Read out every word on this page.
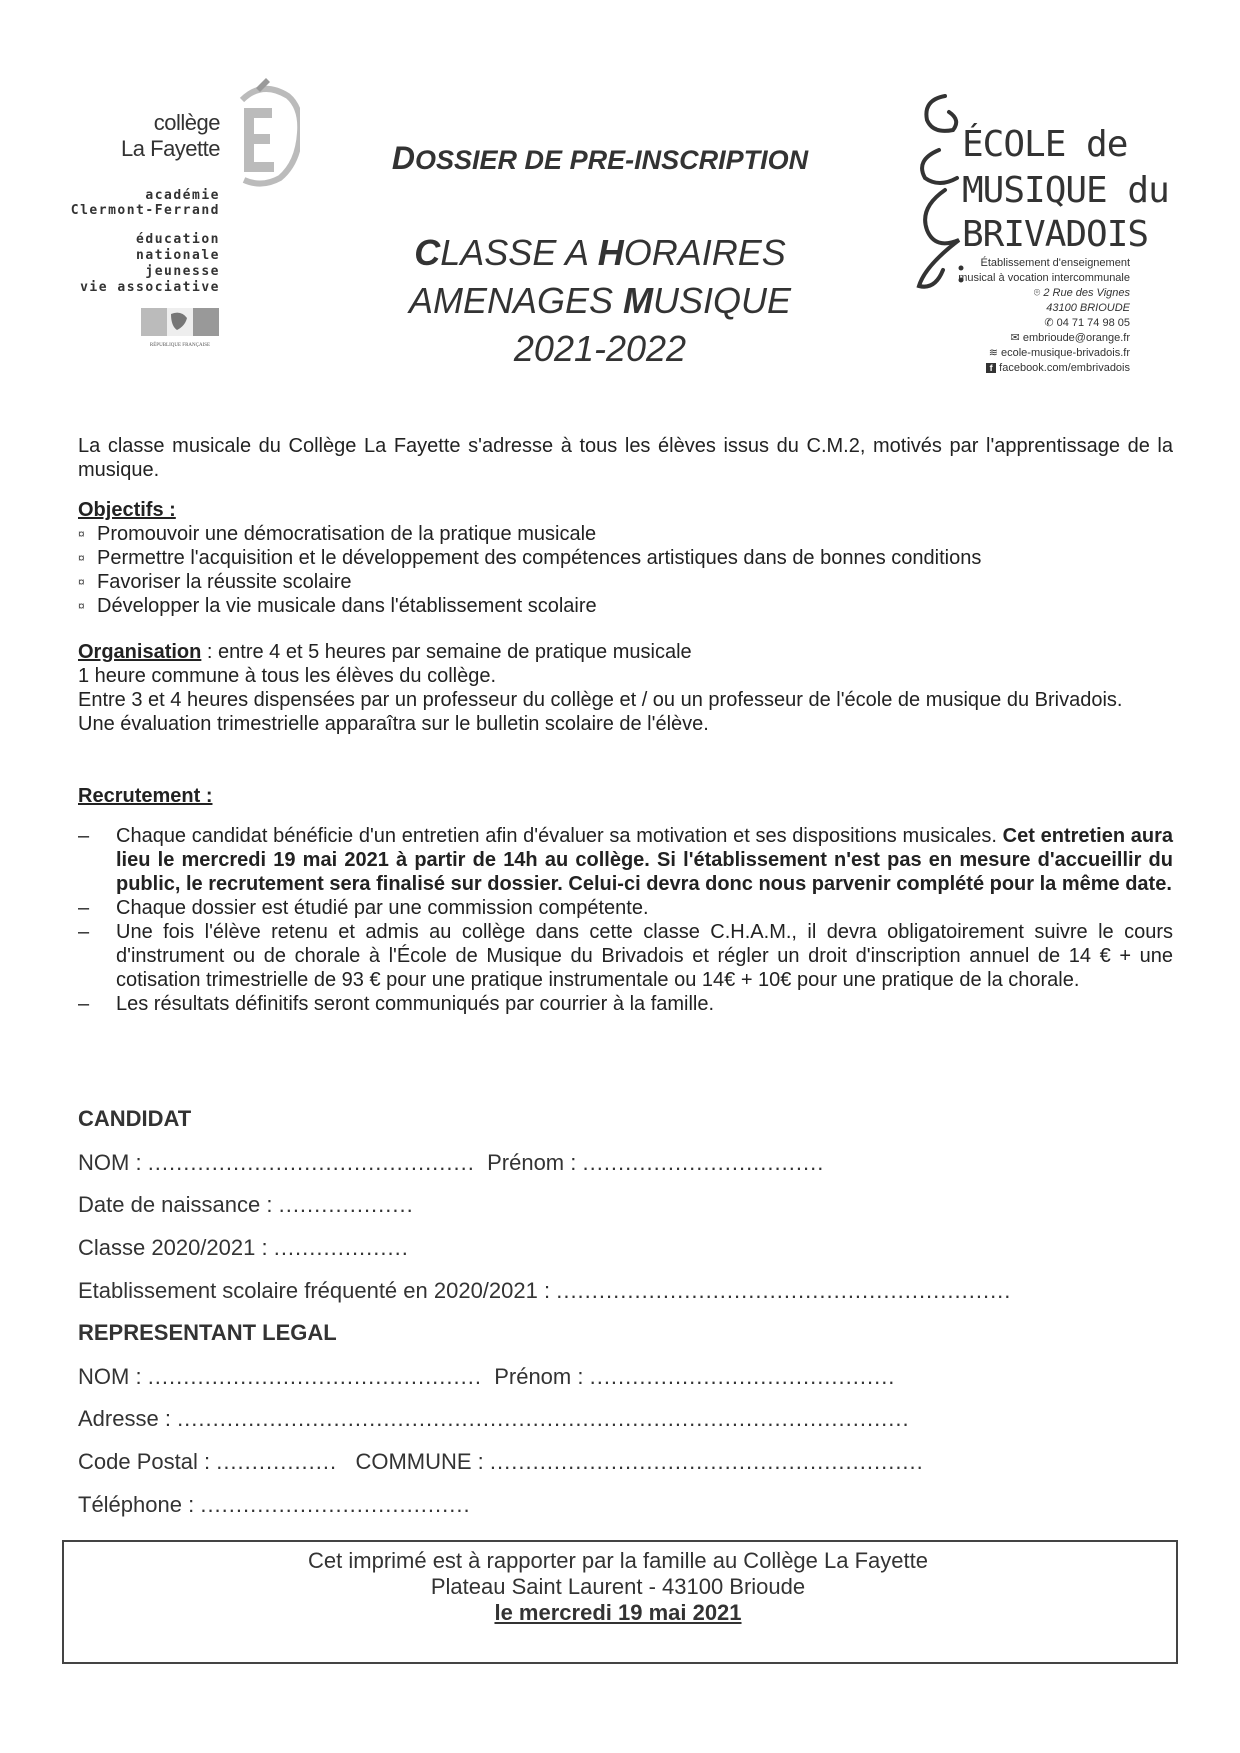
collège
La Fayette
académie
Clermont-Ferrand
éducation
nationale
jeunesse
vie associative
RÉPUBLIQUE FRANÇAISE
DOSSIER DE PRE-INSCRIPTION
CLASSE A HORAIRES
AMENAGES MUSIQUE
2021-2022
ÉCOLE de
MUSIQUE du
BRIVADOIS
Établissement d'enseignement
musical à vocation intercommunale
⌾ 2 Rue des Vignes
43100 BRIOUDE
✆ 04 71 74 98 05
✉ embrioude@orange.fr
≋ ecole-musique-brivadois.fr
f facebook.com/embrivadois
La classe musicale du Collège La Fayette s'adresse à tous les élèves issus du C.M.2, motivés par l'apprentissage de la musique.
Objectifs :
¤ Promouvoir une démocratisation de la pratique musicale
¤ Permettre l'acquisition et le développement des compétences artistiques dans de bonnes conditions
¤ Favoriser la réussite scolaire
¤ Développer la vie musicale dans l'établissement scolaire
Organisation : entre 4 et 5 heures par semaine de pratique musicale
1 heure commune à tous les élèves du collège.
Entre 3 et 4 heures dispensées par un professeur du collège et / ou un professeur de l'école de musique du Brivadois.
Une évaluation trimestrielle apparaîtra sur le bulletin scolaire de l'élève.
Recrutement :
– Chaque candidat bénéficie d'un entretien afin d'évaluer sa motivation et ses dispositions musicales. Cet entretien aura lieu le mercredi 19 mai 2021 à partir de 14h au collège. Si l'établissement n'est pas en mesure d'accueillir du public, le recrutement sera finalisé sur dossier. Celui-ci devra donc nous parvenir complété pour la même date.
– Chaque dossier est étudié par une commission compétente.
– Une fois l'élève retenu et admis au collège dans cette classe C.H.A.M., il devra obligatoirement suivre le cours d'instrument ou de chorale à l'École de Musique du Brivadois et régler un droit d'inscription annuel de 14 € + une cotisation trimestrielle de 93 € pour une pratique instrumentale ou 14€ + 10€ pour une pratique de la chorale.
– Les résultats définitifs seront communiqués par courrier à la famille.
CANDIDAT
NOM : .............................................. Prénom : ..................................
Date de naissance : ...................
Classe 2020/2021 : ...................
Etablissement scolaire fréquenté en 2020/2021 : ................................................................
REPRESENTANT LEGAL
NOM : ............................................... Prénom : ...........................................
Adresse : .......................................................................................................
Code Postal : ................. COMMUNE : .............................................................
Téléphone : ......................................
Cet imprimé est à rapporter par la famille au Collège La Fayette
Plateau Saint Laurent - 43100 Brioude
le mercredi 19 mai 2021
